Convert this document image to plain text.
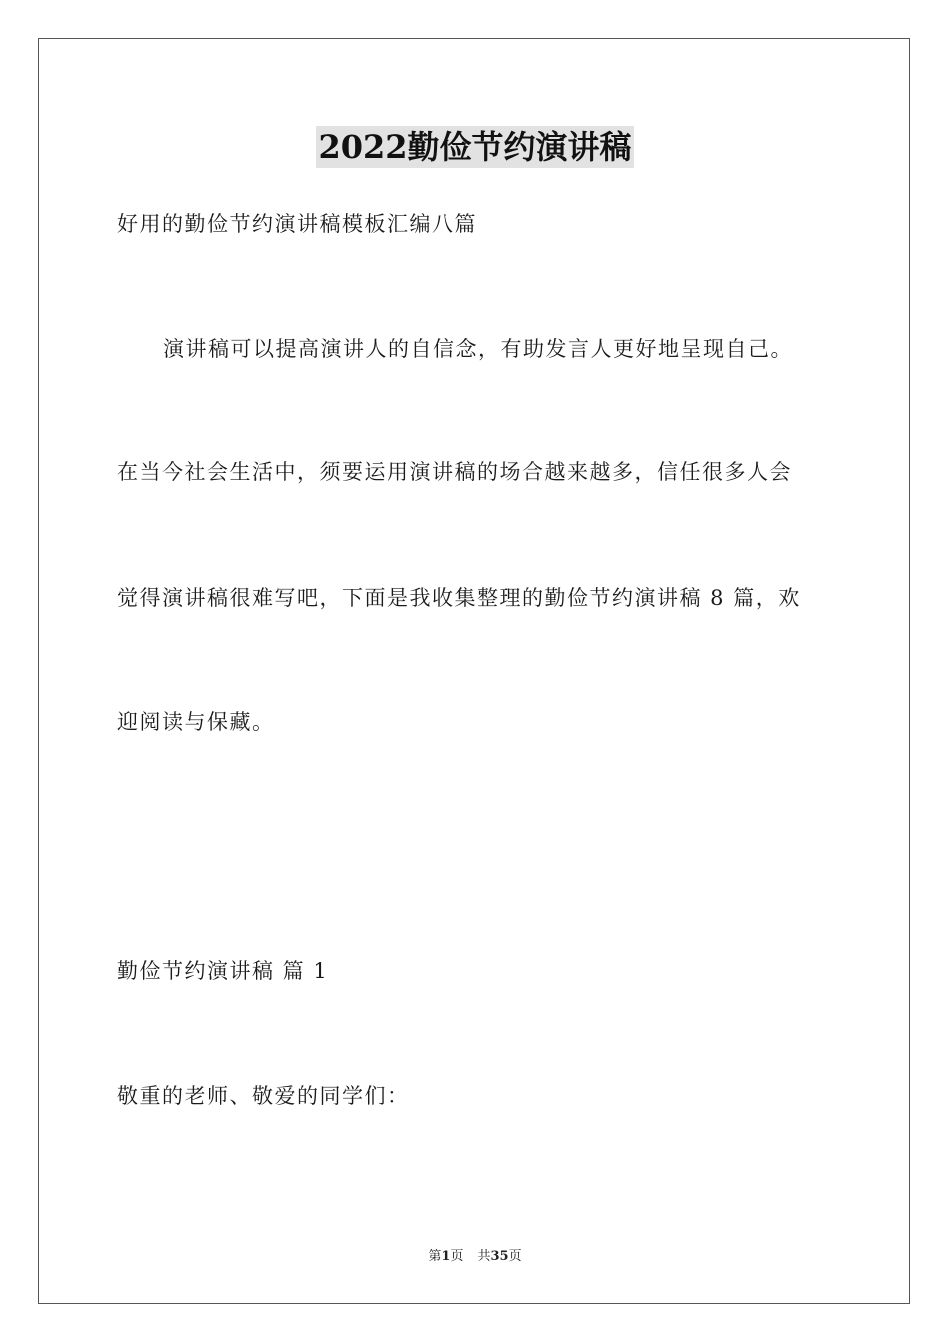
2022勤俭节约演讲稿
好用的勤俭节约演讲稿模板汇编八篇
演讲稿可以提高演讲人的自信念，有助发言人更好地呈现自己。
在当今社会生活中，须要运用演讲稿的场合越来越多，信任很多人会
觉得演讲稿很难写吧，下面是我收集整理的勤俭节约演讲稿 8 篇，欢
迎阅读与保藏。
勤俭节约演讲稿 篇 1
敬重的老师、敬爱的同学们：
第1页 共35页
